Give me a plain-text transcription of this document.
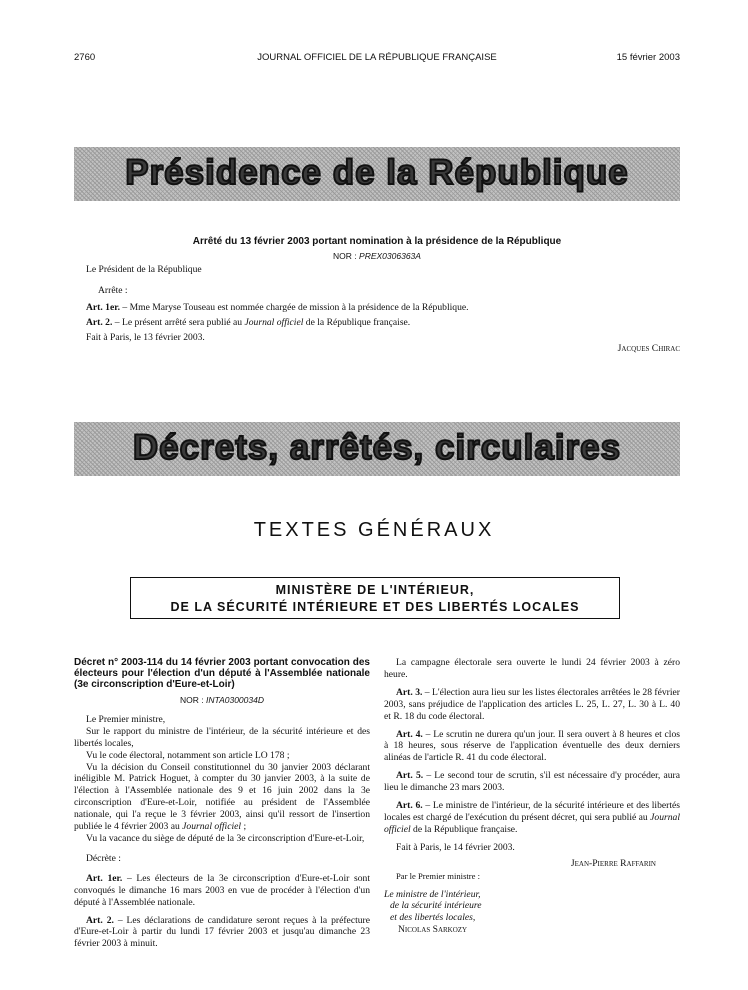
2760	JOURNAL OFFICIEL DE LA RÉPUBLIQUE FRANÇAISE	15 février 2003
Présidence de la République
Arrêté du 13 février 2003 portant nomination à la présidence de la République
NOR : PREX0306363A
Le Président de la République
Arrête :
Art. 1er. – Mme Maryse Touseau est nommée chargée de mission à la présidence de la République.
Art. 2. – Le présent arrêté sera publié au Journal officiel de la République française.
Fait à Paris, le 13 février 2003.
Jacques Chirac
Décrets, arrêtés, circulaires
TEXTES GÉNÉRAUX
MINISTÈRE DE L'INTÉRIEUR,
DE LA SÉCURITÉ INTÉRIEURE ET DES LIBERTÉS LOCALES

Décret n° 2003-114 du 14 février 2003 portant convocation des électeurs pour l'élection d'un député à l'Assemblée nationale (3e circonscription d'Eure-et-Loir)

NOR : INTA0300034D

Le Premier ministre,

Sur le rapport du ministre de l'intérieur, de la sécurité intérieure et des libertés locales,

Vu le code électoral, notamment son article LO 178 ;

Vu la décision du Conseil constitutionnel du 30 janvier 2003 déclarant inéligible M. Patrick Hoguet, à compter du 30 janvier 2003, à la suite de l'élection à l'Assemblée nationale des 9 et 16 juin 2002 dans la 3e circonscription d'Eure-et-Loir, notifiée au président de l'Assemblée nationale, qui l'a reçue le 3 février 2003, ainsi qu'il ressort de l'insertion publiée le 4 février 2003 au Journal officiel ;

Vu la vacance du siège de député de la 3e circonscription d'Eure-et-Loir,

Décrète :

Art. 1er. – Les électeurs de la 3e circonscription d'Eure-et-Loir sont convoqués le dimanche 16 mars 2003 en vue de procéder à l'élection d'un député à l'Assemblée nationale.

Art. 2. – Les déclarations de candidature seront reçues à la préfecture d'Eure-et-Loir à partir du lundi 17 février 2003 et jusqu'au dimanche 23 février 2003 à minuit.

La campagne électorale sera ouverte le lundi 24 février 2003 à zéro heure.

Art. 3. – L'élection aura lieu sur les listes électorales arrêtées le 28 février 2003, sans préjudice de l'application des articles L. 25, L. 27, L. 30 à L. 40 et R. 18 du code électoral.

Art. 4. – Le scrutin ne durera qu'un jour. Il sera ouvert à 8 heures et clos à 18 heures, sous réserve de l'application éventuelle des deux derniers alinéas de l'article R. 41 du code électoral.

Art. 5. – Le second tour de scrutin, s'il est nécessaire d'y procéder, aura lieu le dimanche 23 mars 2003.

Art. 6. – Le ministre de l'intérieur, de la sécurité intérieure et des libertés locales est chargé de l'exécution du présent décret, qui sera publié au Journal officiel de la République française.

Fait à Paris, le 14 février 2003.

Jean-Pierre Raffarin

Par le Premier ministre :

Le ministre de l'intérieur,

de la sécurité intérieure

et des libertés locales,

Nicolas Sarkozy
